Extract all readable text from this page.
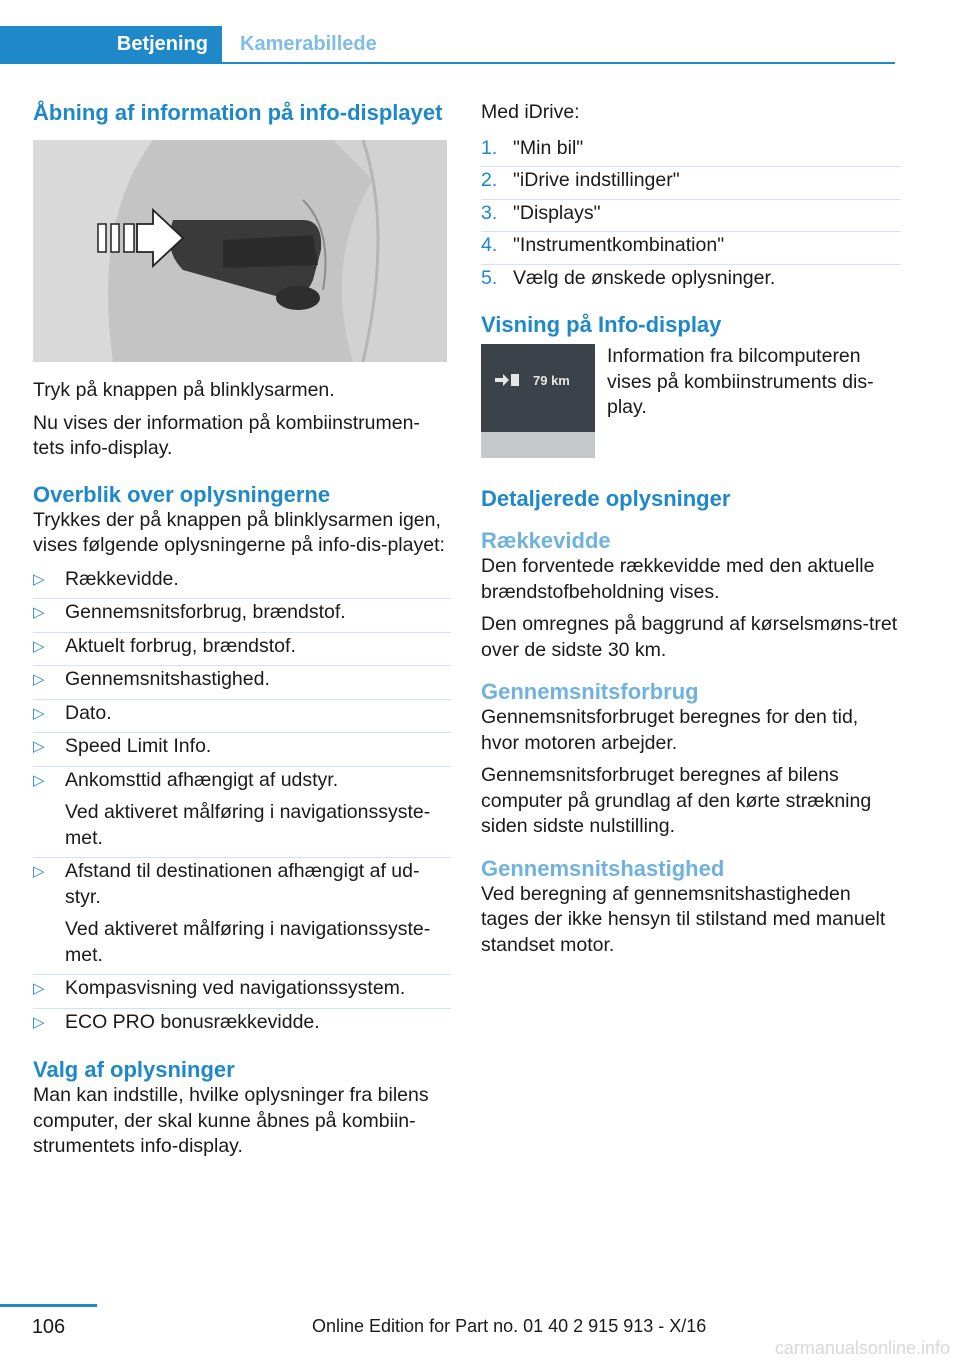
Betjening	Kamerabillede
Åbning af information på info-displayet

Tryk på knappen på blinklysarmen.

Nu vises der information på kombiinstrumen-tets info-display.

Overblik over oplysningerne

Trykkes der på knappen på blinklysarmen igen, vises følgende oplysningerne på info-dis-playet:

▷ Rækkevidde.
▷ Gennemsnitsforbrug, brændstof.
▷ Aktuelt forbrug, brændstof.
▷ Gennemsnitshastighed.
▷ Dato.
▷ Speed Limit Info.
▷ Ankomsttid afhængigt af udstyr.
Ved aktiveret målføring i navigationssyste-met.
▷ Afstand til destinationen afhængigt af ud-styr.
Ved aktiveret målføring i navigationssyste-met.
▷ Kompasvisning ved navigationssystem.
▷ ECO PRO bonusrækkevidde.
Valg af oplysninger

Man kan indstille, hvilke oplysninger fra bilens computer, der skal kunne åbnes på kombiin-strumentets info-display.

Med iDrive:

1. "Min bil"
2. "iDrive indstillinger"
3. "Displays"
4. "Instrumentkombination"
5. Vælg de ønskede oplysninger.
Visning på Info-display
79 km

Information fra bilcomputeren vises på kombiinstruments dis-play.

Detaljerede oplysninger
Rækkevidde

Den forventede rækkevidde med den aktuelle brændstofbeholdning vises.

Den omregnes på baggrund af kørselsmøns-tret over de sidste 30 km.

Gennemsnitsforbrug

Gennemsnitsforbruget beregnes for den tid, hvor motoren arbejder.

Gennemsnitsforbruget beregnes af bilens computer på grundlag af den kørte strækning siden sidste nulstilling.

Gennemsnitshastighed

Ved beregning af gennemsnitshastigheden tages der ikke hensyn til stilstand med manuelt standset motor.

106	Online Edition for Part no. 01 40 2 915 913 - X/16
carmanualsonline.info
